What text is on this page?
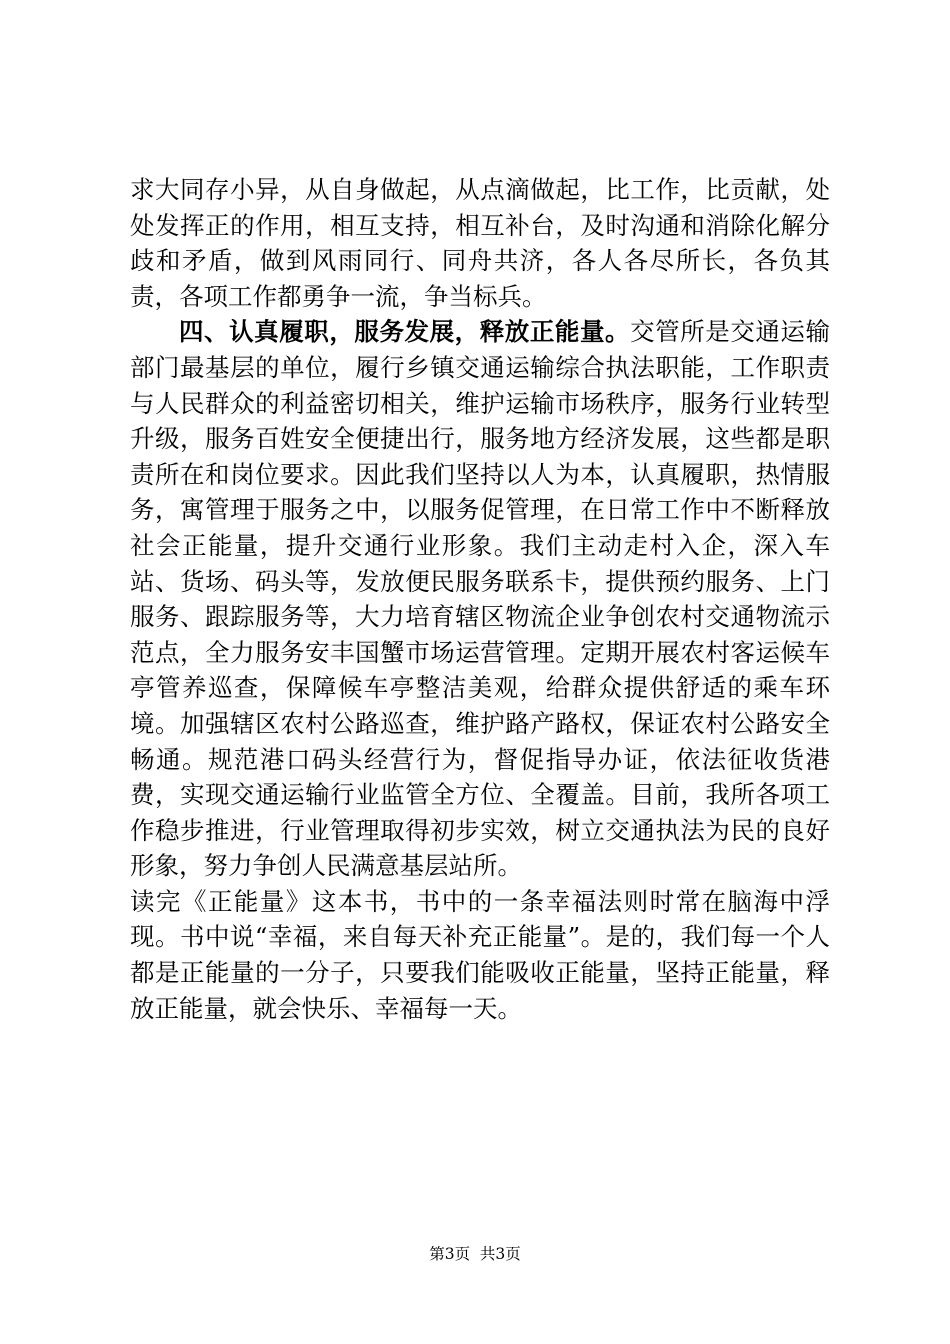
求大同存小异，从自身做起，从点滴做起，比工作，比贡献，处处发挥正的作用，相互支持，相互补台，及时沟通和消除化解分歧和矛盾，做到风雨同行、同舟共济，各人各尽所长，各负其责，各项工作都勇争一流，争当标兵。

四、认真履职，服务发展，释放正能量。交管所是交通运输部门最基层的单位，履行乡镇交通运输综合执法职能，工作职责与人民群众的利益密切相关，维护运输市场秩序，服务行业转型升级，服务百姓安全便捷出行，服务地方经济发展，这些都是职责所在和岗位要求。因此我们坚持以人为本，认真履职，热情服务，寓管理于服务之中，以服务促管理，在日常工作中不断释放社会正能量，提升交通行业形象。我们主动走村入企，深入车站、货场、码头等，发放便民服务联系卡，提供预约服务、上门服务、跟踪服务等，大力培育辖区物流企业争创农村交通物流示范点，全力服务安丰国蟹市场运营管理。定期开展农村客运候车亭管养巡查，保障候车亭整洁美观，给群众提供舒适的乘车环境。加强辖区农村公路巡查，维护路产路权，保证农村公路安全畅通。规范港口码头经营行为，督促指导办证，依法征收货港费，实现交通运输行业监管全方位、全覆盖。目前，我所各项工作稳步推进，行业管理取得初步实效，树立交通执法为民的良好形象，努力争创人民满意基层站所。

读完《正能量》这本书，书中的一条幸福法则时常在脑海中浮现。书中说“幸福，来自每天补充正能量”。是的，我们每一个人都是正能量的一分子，只要我们能吸收正能量，坚持正能量，释放正能量，就会快乐、幸福每一天。

第3页  共3页
